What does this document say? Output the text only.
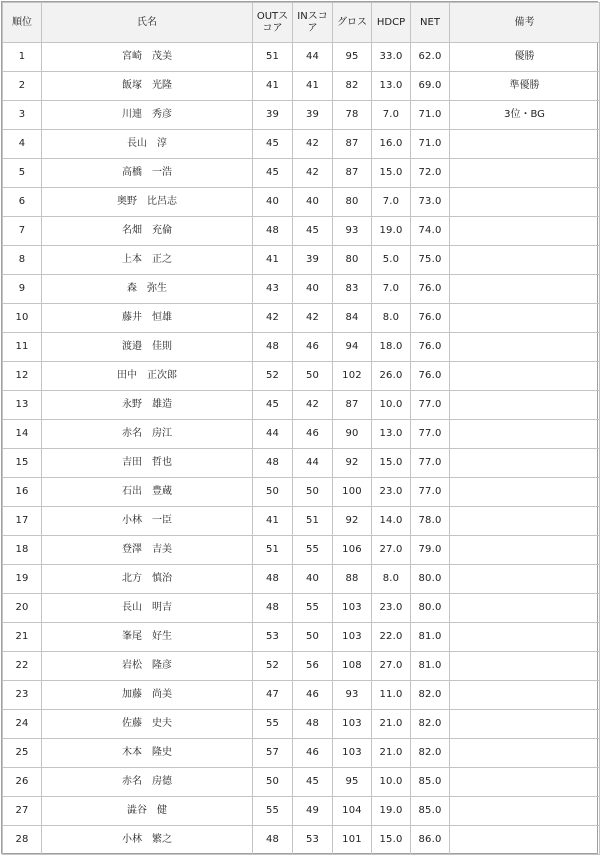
順位	氏名	OUTスコア	INスコア	グロス	HDCP	NET	備考
1	宮崎　茂美	51	44	95	33.0	62.0	優勝
2	飯塚　光隆	41	41	82	13.0	69.0	準優勝
3	川連　秀彦	39	39	78	7.0	71.0	3位・BG
4	長山　淳	45	42	87	16.0	71.0	
5	高橋　一浩	45	42	87	15.0	72.0	
6	奥野　比呂志	40	40	80	7.0	73.0	
7	名畑　充倫	48	45	93	19.0	74.0	
8	上本　正之	41	39	80	5.0	75.0	
9	森　弥生	43	40	83	7.0	76.0	
10	藤井　恒雄	42	42	84	8.0	76.0	
11	渡邉　佳則	48	46	94	18.0	76.0	
12	田中　正次郎	52	50	102	26.0	76.0	
13	永野　雄造	45	42	87	10.0	77.0	
14	赤名　房江	44	46	90	13.0	77.0	
15	吉田　哲也	48	44	92	15.0	77.0	
16	石出　豊蔵	50	50	100	23.0	77.0	
17	小林　一臣	41	51	92	14.0	78.0	
18	登澤　吉美	51	55	106	27.0	79.0	
19	北方　慎治	48	40	88	8.0	80.0	
20	長山　明吉	48	55	103	23.0	80.0	
21	峯尾　好生	53	50	103	22.0	81.0	
22	岩松　隆彦	52	56	108	27.0	81.0	
23	加藤　尚美	47	46	93	11.0	82.0	
24	佐藤　史夫	55	48	103	21.0	82.0	
25	木本　隆史	57	46	103	21.0	82.0	
26	赤名　房德	50	45	95	10.0	85.0	
27	澁谷　健	55	49	104	19.0	85.0	
28	小林　繁之	48	53	101	15.0	86.0	
